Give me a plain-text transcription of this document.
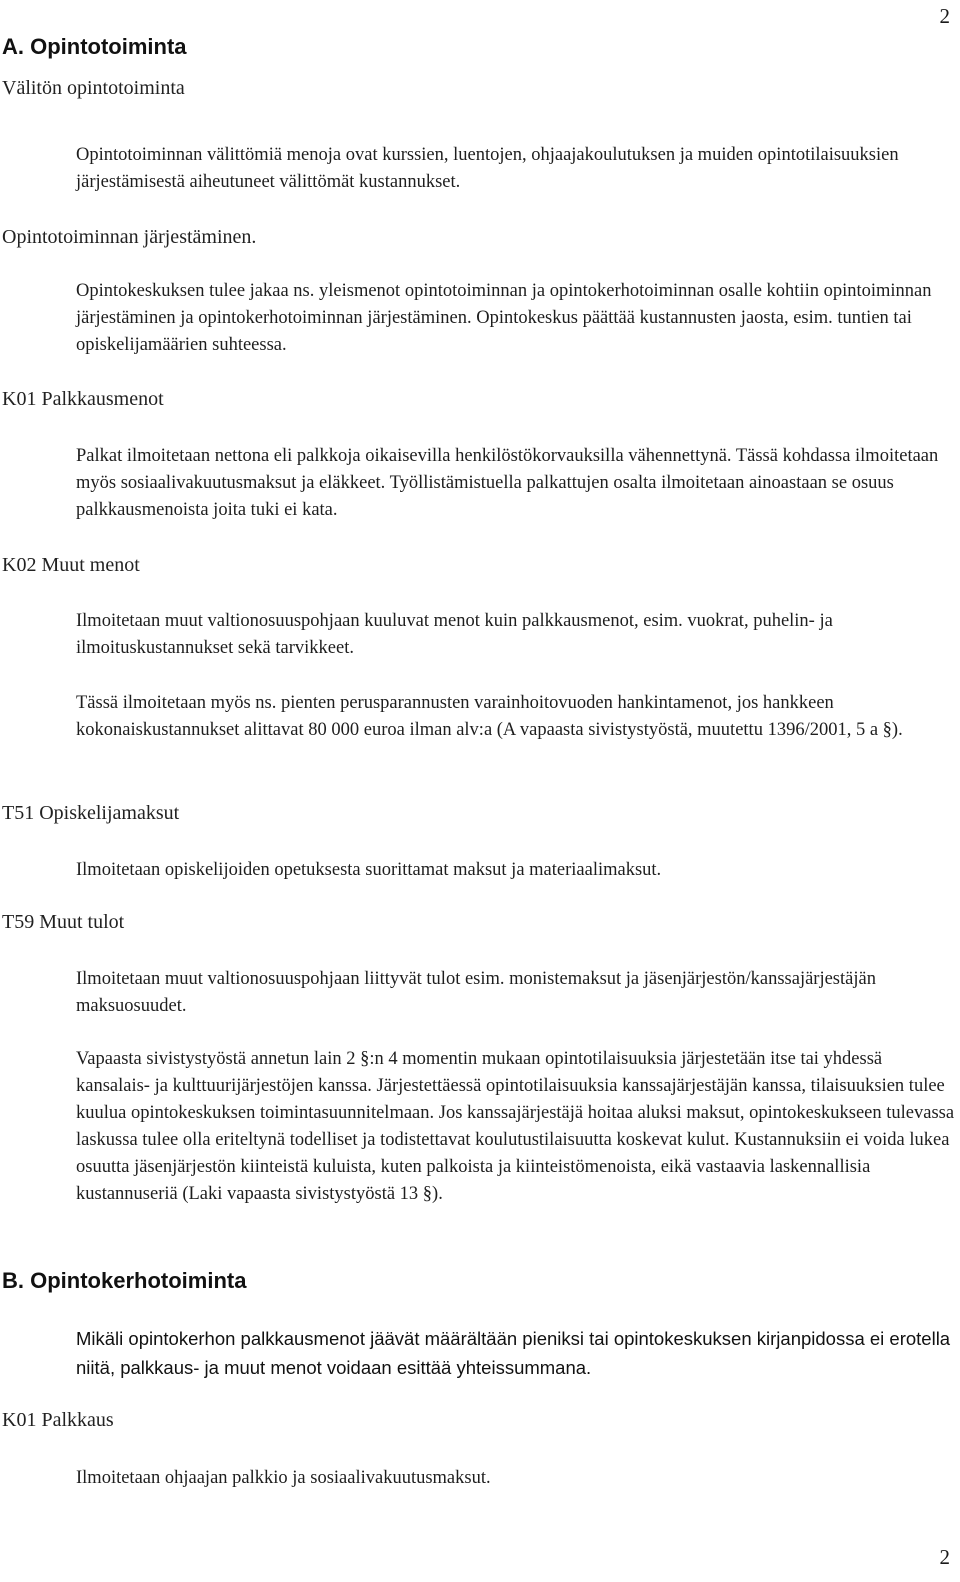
2
A. Opintotoiminta
Välitön opintotoiminta

Opintotoiminnan välittömiä menoja ovat kurssien, luentojen, ohjaajakoulutuksen ja muiden opintotilaisuuksien järjestämisestä aiheutuneet välittömät kustannukset.

Opintotoiminnan järjestäminen.

Opintokeskuksen tulee jakaa ns. yleismenot opintotoiminnan ja opintokerhotoiminnan osalle kohtiin opintoiminnan järjestäminen ja opintokerhotoiminnan järjestäminen. Opintokeskus päättää kustannusten jaosta, esim. tuntien tai opiskelijamäärien suhteessa.

K01 Palkkausmenot

Palkat ilmoitetaan nettona eli palkkoja oikaisevilla henkilöstökorvauksilla vähennettynä. Tässä kohdassa ilmoitetaan myös sosiaalivakuutusmaksut ja eläkkeet. Työllistämistuella palkattujen osalta ilmoitetaan ainoastaan se osuus palkkausmenoista joita tuki ei kata.

K02 Muut menot

Ilmoitetaan muut valtionosuuspohjaan kuuluvat menot kuin palkkausmenot, esim. vuokrat, puhelin- ja ilmoituskustannukset sekä tarvikkeet.

Tässä ilmoitetaan myös ns. pienten perusparannusten varainhoitovuoden hankintamenot, jos hankkeen kokonaiskustannukset alittavat 80 000 euroa ilman alv:a (A vapaasta sivistystyöstä, muutettu 1396/2001, 5 a §).

T51 Opiskelijamaksut

Ilmoitetaan opiskelijoiden opetuksesta suorittamat maksut ja materiaalimaksut.

T59 Muut tulot

Ilmoitetaan muut valtionosuuspohjaan liittyvät tulot esim. monistemaksut ja jäsenjärjestön/kanssajärjestäjän maksuosuudet.

Vapaasta sivistystyöstä annetun lain 2 §:n 4 momentin mukaan opintotilaisuuksia järjestetään itse tai yhdessä kansalais- ja kulttuurijärjestöjen kanssa. Järjestettäessä opintotilaisuuksia kanssajärjestäjän kanssa, tilaisuuksien tulee kuulua opintokeskuksen toimintasuunnitelmaan. Jos kanssajärjestäjä hoitaa aluksi maksut, opintokeskukseen tulevassa laskussa tulee olla eriteltynä todelliset ja todistettavat koulutustilaisuutta koskevat kulut. Kustannuksiin ei voida lukea osuutta jäsenjärjestön kiinteistä kuluista, kuten palkoista ja kiinteistömenoista, eikä vastaavia laskennallisia kustannuseriä (Laki vapaasta sivistystyöstä 13 §).

B. Opintokerhotoiminta

Mikäli opintokerhon palkkausmenot jäävät määrältään pieniksi tai opintokeskuksen kirjanpidossa ei erotella niitä, palkkaus- ja muut menot voidaan esittää yhteissummana.

K01 Palkkaus

Ilmoitetaan ohjaajan palkkio ja sosiaalivakuutusmaksut.

2
